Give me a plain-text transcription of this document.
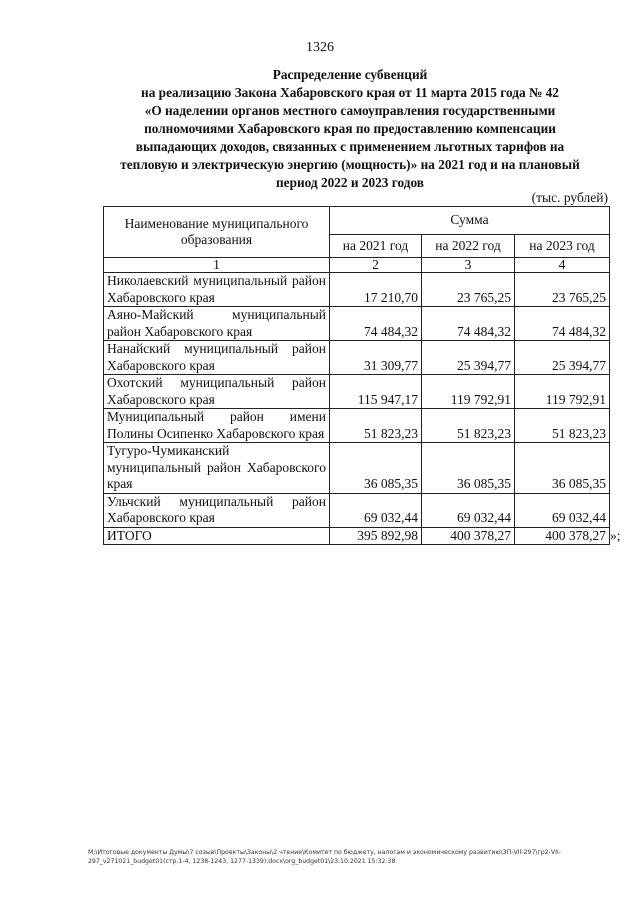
1326
Распределение субвенций
на реализацию Закона Хабаровского края от 11 марта 2015 года № 42
«О наделении органов местного самоуправления государственными
полномочиями Хабаровского края по предоставлению компенсации
выпадающих доходов, связанных с применением льготных тарифов на
тепловую и электрическую энергию (мощность)» на 2021 год и на плановый
период 2022 и 2023 годов
(тыс. рублей)
Наименование муниципального образования	Сумма		
	на 2021 год	на 2022 год	на 2023 год
1	2	3	4
Николаевский муниципальный район Хабаровского края	17 210,70	23 765,25	23 765,25
Аяно-Майский муниципальный район Хабаровского края	74 484,32	74 484,32	74 484,32
Нанайский муниципальный район Хабаровского края	31 309,77	25 394,77	25 394,77
Охотский муниципальный район Хабаровского края	115 947,17	119 792,91	119 792,91
Муниципальный район имени Полины Осипенко Хабаровского края	51 823,23	51 823,23	51 823,23
Тугуро-Чумиканский муниципальный район Хабаровского края	36 085,35	36 085,35	36 085,35
Ульчский муниципальный район Хабаровского края	69 032,44	69 032,44	69 032,44
ИТОГО	395 892,98	400 378,27	400 378,27 »;
М:\Итоговые документы Думы\7 созыв\Проекты\Законы\2 чтение\Комитет по бюджету, налогам и экономическому развитию\ЗП-VII-297\гр2-VII-297_v271021_budget01(стр.1-4, 1238-1243, 1277-1339).docx\org_budget01\23.10.2021 15:32:38
